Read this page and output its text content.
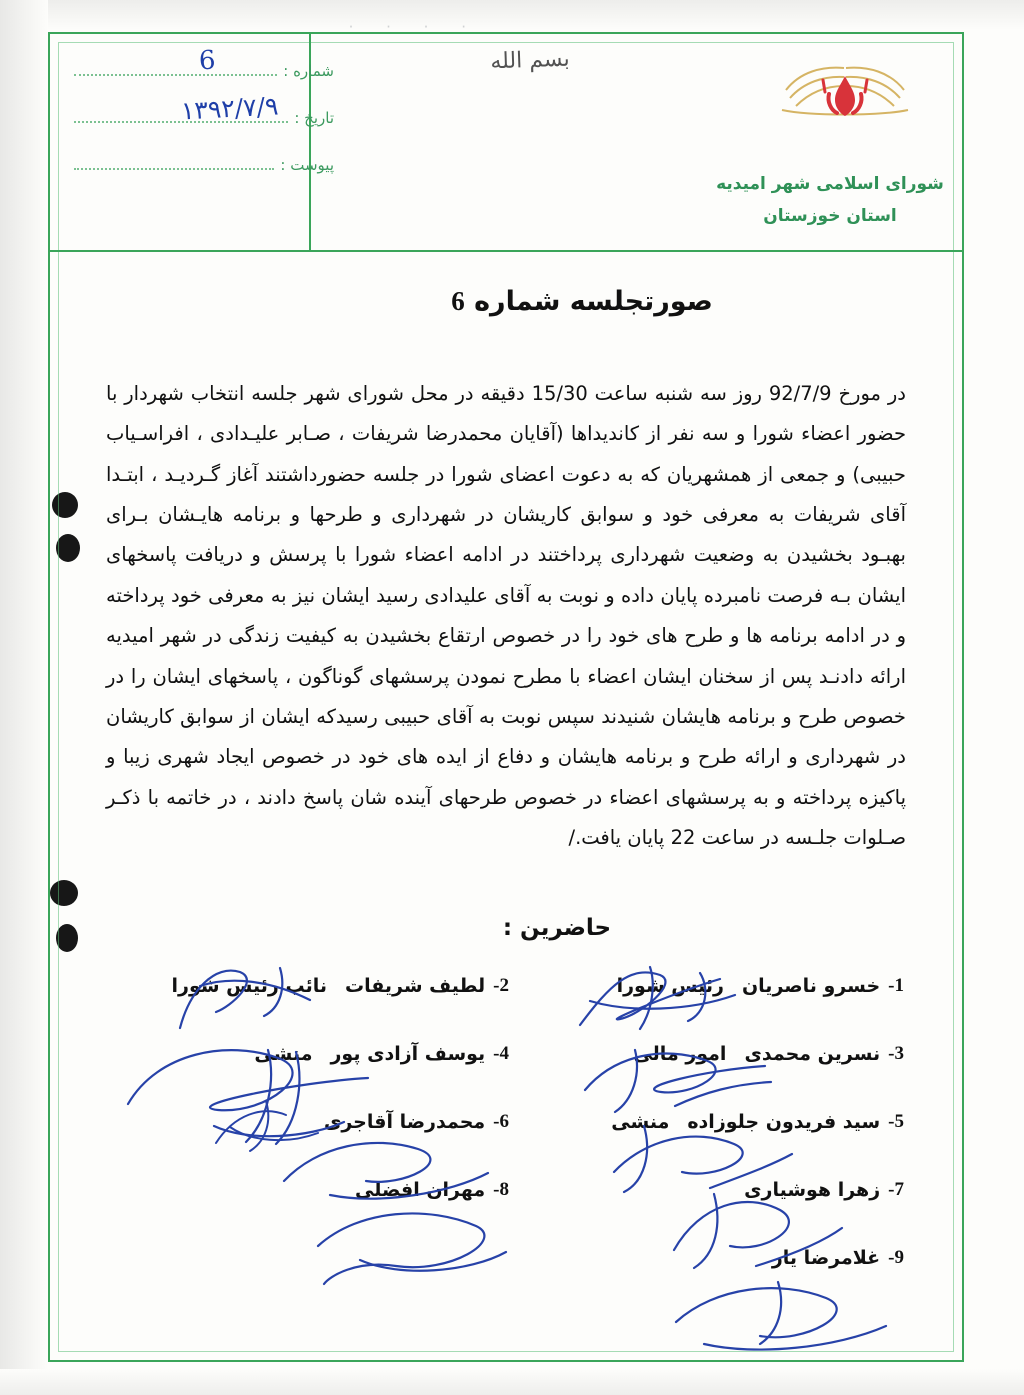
· · · ·
بسم الله
شماره :
6
تاریخ :
۱۳۹۲/۷/۹
پیوست :
شورای اسلامی شهر امیدیه
استان خوزستان
صورتجلسه شماره 6
در مورخ 92/7/9 روز سه شنبه ساعت 15/30 دقیقه در محل شورای شهر جلسه انتخاب شهردار با حضور اعضاء شورا و سه نفر از کاندیداها (آقایان محمدرضا شریفات ، صـابر علیـدادی ، افراسـیاب حبیبی) و جمعی از همشهریان که به دعوت اعضای شورا در جلسه حضورداشتند آغاز گـردیـد ، ابتـدا آقای شریفات به معرفی خود و سوابق کاریشان در شهرداری و طرحها و برنامه هایـشان بـرای بهبـود بخشیدن به وضعیت شهرداری پرداختند در ادامه اعضاء شورا با پرسش و دریافت پاسخهای ایشان بـه فرصت نامبرده پایان داده و نوبت به آقای علیدادی رسید ایشان نیز به معرفی خود پرداخته و در ادامه برنامه ها و طرح های خود را در خصوص ارتقاع بخشیدن به کیفیت زندگی در شهر امیدیه ارائه دادنـد پس از سخنان ایشان اعضاء با مطرح نمودن پرسشهای گوناگون ، پاسخهای ایشان را در خصوص طرح و برنامه هایشان شنیدند سپس نوبت به آقای حبیبی رسیدکه ایشان از سوابق کاریشان در شهرداری و ارائه طرح و برنامه هایشان و دفاع از ایده های خود در خصوص ایجاد شهری زیبا و پاکیزه پرداخته و به پرسشهای اعضاء در خصوص طرحهای آینده شان پاسخ دادند ، در خاتمه با ذکـر صـلوات جلـسه در ساعت 22 پایان یافت./
حاضرین :
1-
خسرو ناصریان
رئیس شورا
2-
لطیف شریفات
نائب رئیس شورا
3-
نسرین محمدی
امور مالی
4-
یوسف آزادی پور
منشی
5-
سید فریدون جلوزاده
منشی
6-
محمدرضا آقاجری
7-
زهرا هوشیاری
8-
مهران افضلی
9-
غلامرضا یار
